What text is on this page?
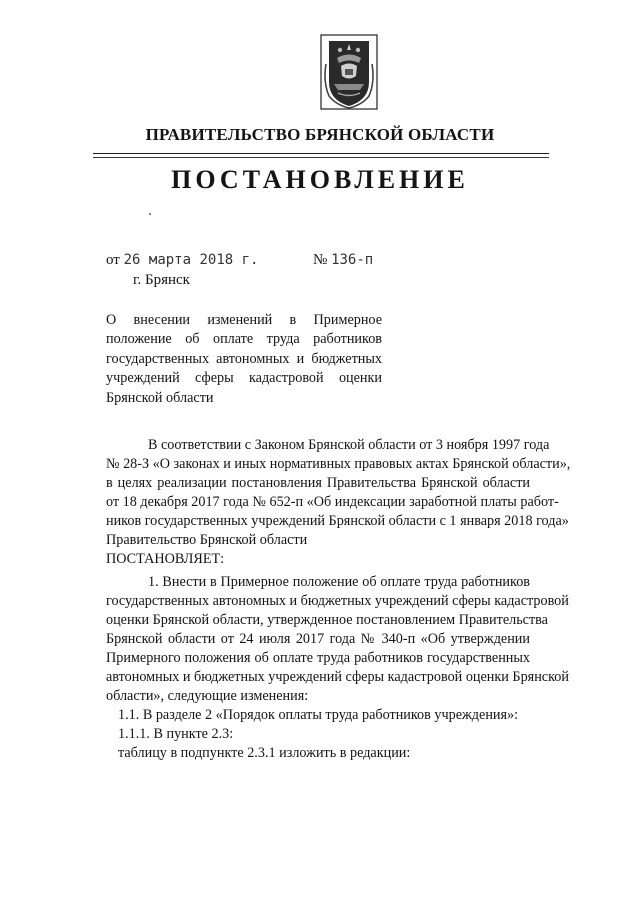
ПРАВИТЕЛЬСТВО БРЯНСКОЙ ОБЛАСТИ
ПОСТАНОВЛЕНИЕ
от 26 марта 2018 г.	№ 136-п
г. Брянск
О внесении изменений в Примерное
положение об оплате труда работников
государственных автономных и бюджетных
учреждений сферы кадастровой оценки
Брянской области
В соответствии с Законом Брянской области от 3 ноября 1997 года
№ 28-З «О законах и иных нормативных правовых актах Брянской области»,
в целях реализации постановления Правительства Брянской области
от 18 декабря 2017 года № 652-п «Об индексации заработной платы работ-
ников государственных учреждений Брянской области с 1 января 2018 года»
Правительство Брянской области
ПОСТАНОВЛЯЕТ:
1. Внести в Примерное положение об оплате труда работников
государственных автономных и бюджетных учреждений сферы кадастровой
оценки Брянской области, утвержденное постановлением Правительства
Брянской области от 24 июля 2017 года № 340-п «Об утверждении
Примерного положения об оплате труда работников государственных
автономных и бюджетных учреждений сферы кадастровой оценки Брянской
области», следующие изменения:
1.1. В разделе 2 «Порядок оплаты труда работников учреждения»:
1.1.1. В пункте 2.3:
таблицу в подпункте 2.3.1 изложить в редакции:
